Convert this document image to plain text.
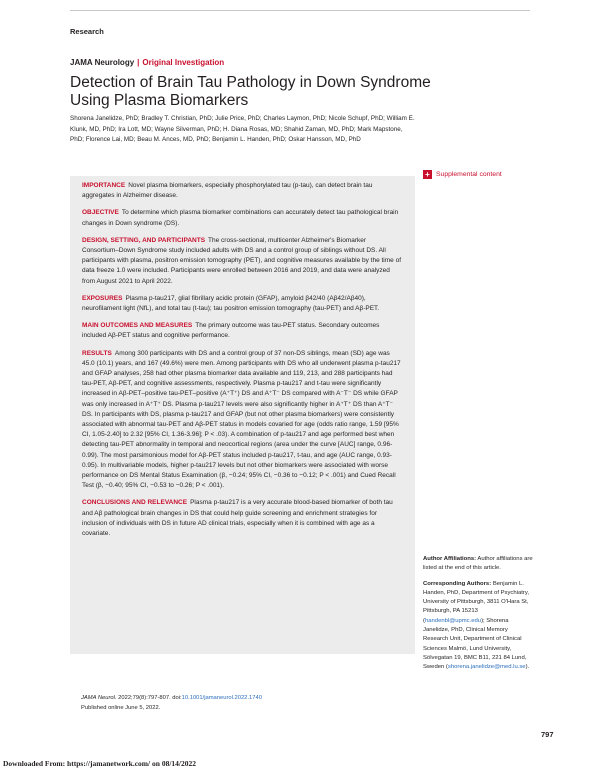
Research
JAMA Neurology | Original Investigation
Detection of Brain Tau Pathology in Down Syndrome Using Plasma Biomarkers
Shorena Janelidze, PhD; Bradley T. Christian, PhD; Julie Price, PhD; Charles Laymon, PhD; Nicole Schupf, PhD; William E. Klunk, MD, PhD; Ira Lott, MD; Wayne Silverman, PhD; H. Diana Rosas, MD; Shahid Zaman, MD, PhD; Mark Mapstone, PhD; Florence Lai, MD; Beau M. Ances, MD, PhD; Benjamin L. Handen, PhD; Oskar Hansson, MD, PhD
+ Supplemental content
IMPORTANCE Novel plasma biomarkers, especially phosphorylated tau (p-tau), can detect brain tau aggregates in Alzheimer disease.
OBJECTIVE To determine which plasma biomarker combinations can accurately detect tau pathological brain changes in Down syndrome (DS).
DESIGN, SETTING, AND PARTICIPANTS The cross-sectional, multicenter Alzheimer's Biomarker Consortium–Down Syndrome study included adults with DS and a control group of siblings without DS. All participants with plasma, positron emission tomography (PET), and cognitive measures available by the time of data freeze 1.0 were included. Participants were enrolled between 2016 and 2019, and data were analyzed from August 2021 to April 2022.
EXPOSURES Plasma p-tau217, glial fibrillary acidic protein (GFAP), amyloid β42/40 (Aβ42/Aβ40), neurofilament light (NfL), and total tau (t-tau); tau positron emission tomography (tau-PET) and Aβ-PET.
MAIN OUTCOMES AND MEASURES The primary outcome was tau-PET status. Secondary outcomes included Aβ-PET status and cognitive performance.
RESULTS Among 300 participants with DS and a control group of 37 non-DS siblings, mean (SD) age was 45.0 (10.1) years, and 167 (49.6%) were men. Among participants with DS who all underwent plasma p-tau217 and GFAP analyses, 258 had other plasma biomarker data available and 119, 213, and 288 participants had tau-PET, Aβ-PET, and cognitive assessments, respectively. Plasma p-tau217 and t-tau were significantly increased in Aβ-PET–positive tau-PET–positive (A⁺T⁺) DS and A⁺T⁻ DS compared with A⁻T⁻ DS while GFAP was only increased in A⁺T⁺ DS. Plasma p-tau217 levels were also significantly higher in A⁺T⁺ DS than A⁺T⁻ DS. In participants with DS, plasma p-tau217 and GFAP (but not other plasma biomarkers) were consistently associated with abnormal tau-PET and Aβ-PET status in models covaried for age (odds ratio range, 1.59 [95% CI, 1.05-2.40] to 2.32 [95% CI, 1.36-3.96]; P < .03). A combination of p-tau217 and age performed best when detecting tau-PET abnormality in temporal and neocortical regions (area under the curve [AUC] range, 0.96-0.99). The most parsimonious model for Aβ-PET status included p-tau217, t-tau, and age (AUC range, 0.93-0.95). In multivariable models, higher p-tau217 levels but not other biomarkers were associated with worse performance on DS Mental Status Examination (β, −0.24; 95% CI, −0.36 to −0.12; P < .001) and Cued Recall Test (β, −0.40; 95% CI, −0.53 to −0.26; P < .001).
CONCLUSIONS AND RELEVANCE Plasma p-tau217 is a very accurate blood-based biomarker of both tau and Aβ pathological brain changes in DS that could help guide screening and enrichment strategies for inclusion of individuals with DS in future AD clinical trials, especially when it is combined with age as a covariate.

Author Affiliations: Author affiliations are listed at the end of this article.

Corresponding Authors: Benjamin L. Handen, PhD, Department of Psychiatry, University of Pittsburgh, 3811 O'Hara St, Pittsburgh, PA 15213 (handenbl@upmc.edu); Shorena Janelidze, PhD, Clinical Memory Research Unit, Department of Clinical Sciences Malmö, Lund University, Sölvegatan 19, BMC B11, 221 84 Lund, Sweden (shorena.janelidze@med.lu.se).

JAMA Neurol. 2022;79(8):797-807. doi:10.1001/jamaneurol.2022.1740
Published online June 5, 2022.
797
Downloaded From: https://jamanetwork.com/ on 08/14/2022
